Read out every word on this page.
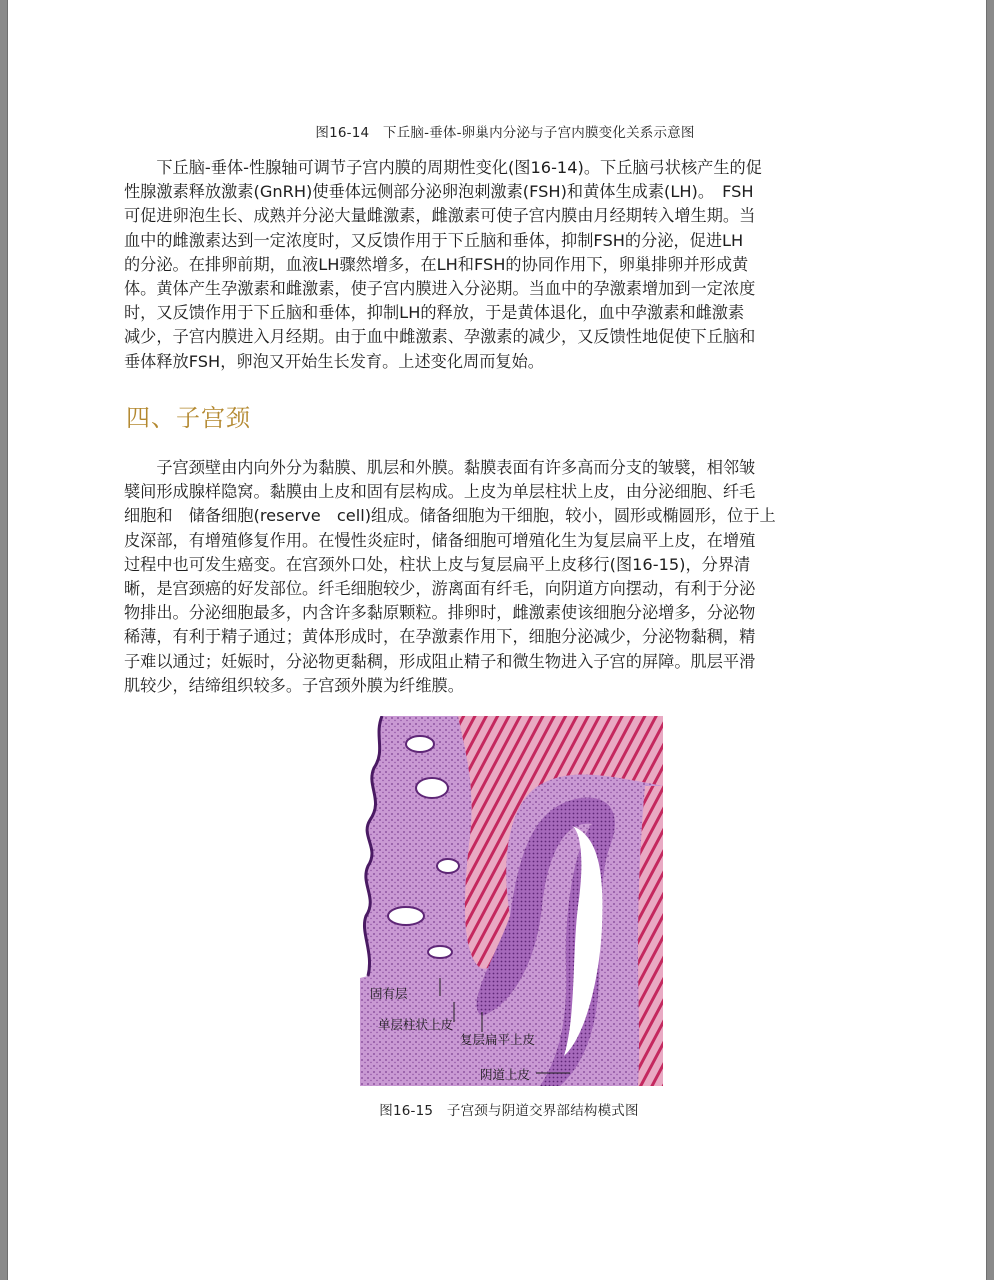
图16-14　下丘脑-垂体-卵巢内分泌与子宫内膜变化关系示意图

　　下丘脑-垂体-性腺轴可调节子宫内膜的周期性变化(图16-14)。下丘脑弓状核产生的促
性腺激素释放激素(GnRH)使垂体远侧部分泌卵泡刺激素(FSH)和黄体生成素(LH)。　FSH
可促进卵泡生长、成熟并分泌大量雌激素，雌激素可使子宫内膜由月经期转入增生期。当
血中的雌激素达到一定浓度时，又反馈作用于下丘脑和垂体，抑制FSH的分泌，促进LH
的分泌。在排卵前期，血液LH骤然增多，在LH和FSH的协同作用下，卵巢排卵并形成黄
体。黄体产生孕激素和雌激素，使子宫内膜进入分泌期。当血中的孕激素增加到一定浓度
时，又反馈作用于下丘脑和垂体，抑制LH的释放，于是黄体退化，血中孕激素和雌激素
减少，子宫内膜进入月经期。由于血中雌激素、孕激素的减少，又反馈性地促使下丘脑和
垂体释放FSH，卵泡又开始生长发育。上述变化周而复始。

四、子宫颈

　　子宫颈壁由内向外分为黏膜、肌层和外膜。黏膜表面有许多高而分支的皱襞，相邻皱
襞间形成腺样隐窝。黏膜由上皮和固有层构成。上皮为单层柱状上皮，由分泌细胞、纤毛
细胞和　储备细胞(reserve　cell)组成。储备细胞为干细胞，较小，圆形或椭圆形，位于上
皮深部，有增殖修复作用。在慢性炎症时，储备细胞可增殖化生为复层扁平上皮，在增殖
过程中也可发生癌变。在宫颈外口处，柱状上皮与复层扁平上皮移行(图16-15)，分界清
晰，是宫颈癌的好发部位。纤毛细胞较少，游离面有纤毛，向阴道方向摆动，有利于分泌
物排出。分泌细胞最多，内含许多黏原颗粒。排卵时，雌激素使该细胞分泌增多，分泌物
稀薄，有利于精子通过；黄体形成时，在孕激素作用下，细胞分泌减少，分泌物黏稠，精
子难以通过；妊娠时，分泌物更黏稠，形成阻止精子和微生物进入子宫的屏障。肌层平滑
肌较少，结缔组织较多。子宫颈外膜为纤维膜。

固有层
单层柱状上皮
复层扁平上皮
阴道上皮
图16-15　子宫颈与阴道交界部结构模式图
